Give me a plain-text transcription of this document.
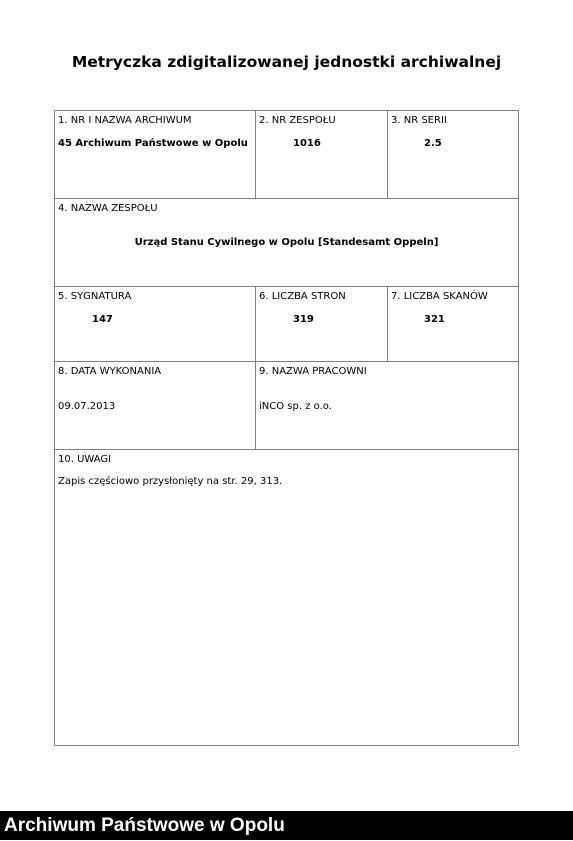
Metryczka zdigitalizowanej jednostki archiwalnej
1. NR I NAZWA ARCHIWUM
45 Archiwum Państwowe w Opolu
2. NR ZESPOŁU
1016
3. NR SERII
2.5
4. NAZWA ZESPOŁU
Urząd Stanu Cywilnego w Opolu [Standesamt Oppeln]
5. SYGNATURA
147
6. LICZBA STRON
319
7. LICZBA SKANÓW
321
8. DATA WYKONANIA
09.07.2013
9. NAZWA PRACOWNI
iNCO sp. z o.o.
10. UWAGI
Zapis częściowo przysłonięty na str. 29, 313.
Archiwum Państwowe w Opolu
